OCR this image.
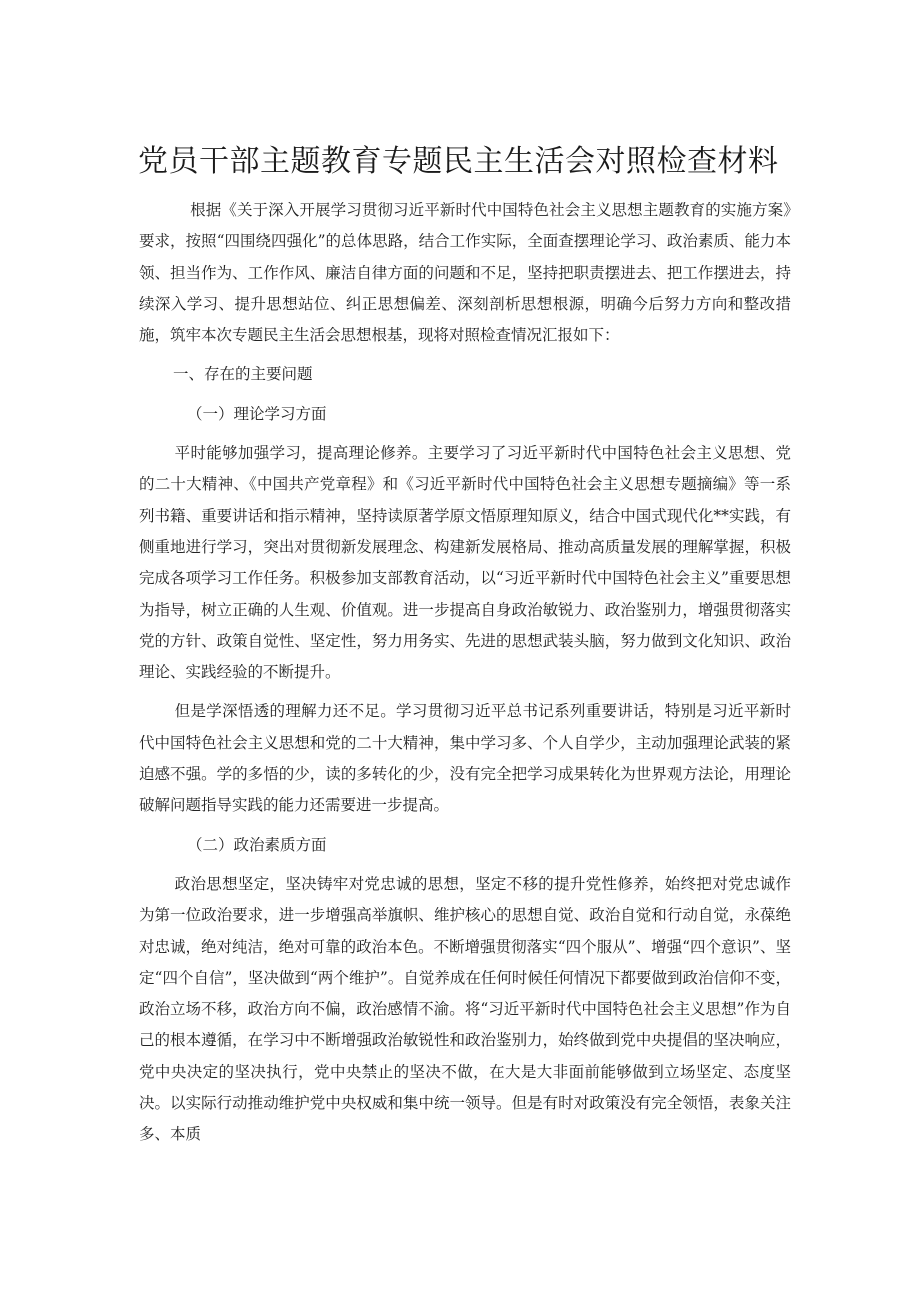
党员干部主题教育专题民主生活会对照检查材料

根据《关于深入开展学习贯彻习近平新时代中国特色社会主义思想主题教育的实施方案》要求，按照“四围绕四强化”的总体思路，结合工作实际，全面查摆理论学习、政治素质、能力本领、担当作为、工作作风、廉洁自律方面的问题和不足，坚持把职责摆进去、把工作摆进去，持续深入学习、提升思想站位、纠正思想偏差、深刻剖析思想根源，明确今后努力方向和整改措施，筑牢本次专题民主生活会思想根基，现将对照检查情况汇报如下：

一、存在的主要问题
（一）理论学习方面

平时能够加强学习，提高理论修养。主要学习了习近平新时代中国特色社会主义思想、党的二十大精神、《中国共产党章程》和《习近平新时代中国特色社会主义思想专题摘编》等一系列书籍、重要讲话和指示精神，坚持读原著学原文悟原理知原义，结合中国式现代化**实践，有侧重地进行学习，突出对贯彻新发展理念、构建新发展格局、推动高质量发展的理解掌握，积极完成各项学习工作任务。积极参加支部教育活动，以“习近平新时代中国特色社会主义”重要思想为指导，树立正确的人生观、价值观。进一步提高自身政治敏锐力、政治鉴别力，增强贯彻落实党的方针、政策自觉性、坚定性，努力用务实、先进的思想武装头脑，努力做到文化知识、政治理论、实践经验的不断提升。

但是学深悟透的理解力还不足。学习贯彻习近平总书记系列重要讲话，特别是习近平新时代中国特色社会主义思想和党的二十大精神，集中学习多、个人自学少，主动加强理论武装的紧迫感不强。学的多悟的少，读的多转化的少，没有完全把学习成果转化为世界观方法论，用理论破解问题指导实践的能力还需要进一步提高。

（二）政治素质方面

政治思想坚定，坚决铸牢对党忠诚的思想，坚定不移的提升党性修养，始终把对党忠诚作为第一位政治要求，进一步增强高举旗帜、维护核心的思想自觉、政治自觉和行动自觉，永葆绝对忠诚，绝对纯洁，绝对可靠的政治本色。不断增强贯彻落实“四个服从”、增强“四个意识”、坚定“四个自信”，坚决做到“两个维护”。自觉养成在任何时候任何情况下都要做到政治信仰不变，政治立场不移，政治方向不偏，政治感情不渝。将“习近平新时代中国特色社会主义思想”作为自己的根本遵循，在学习中不断增强政治敏锐性和政治鉴别力，始终做到党中央提倡的坚决响应，党中央决定的坚决执行，党中央禁止的坚决不做，在大是大非面前能够做到立场坚定、态度坚决。以实际行动推动维护党中央权威和集中统一领导。但是有时对政策没有完全领悟，表象关注多、本质
